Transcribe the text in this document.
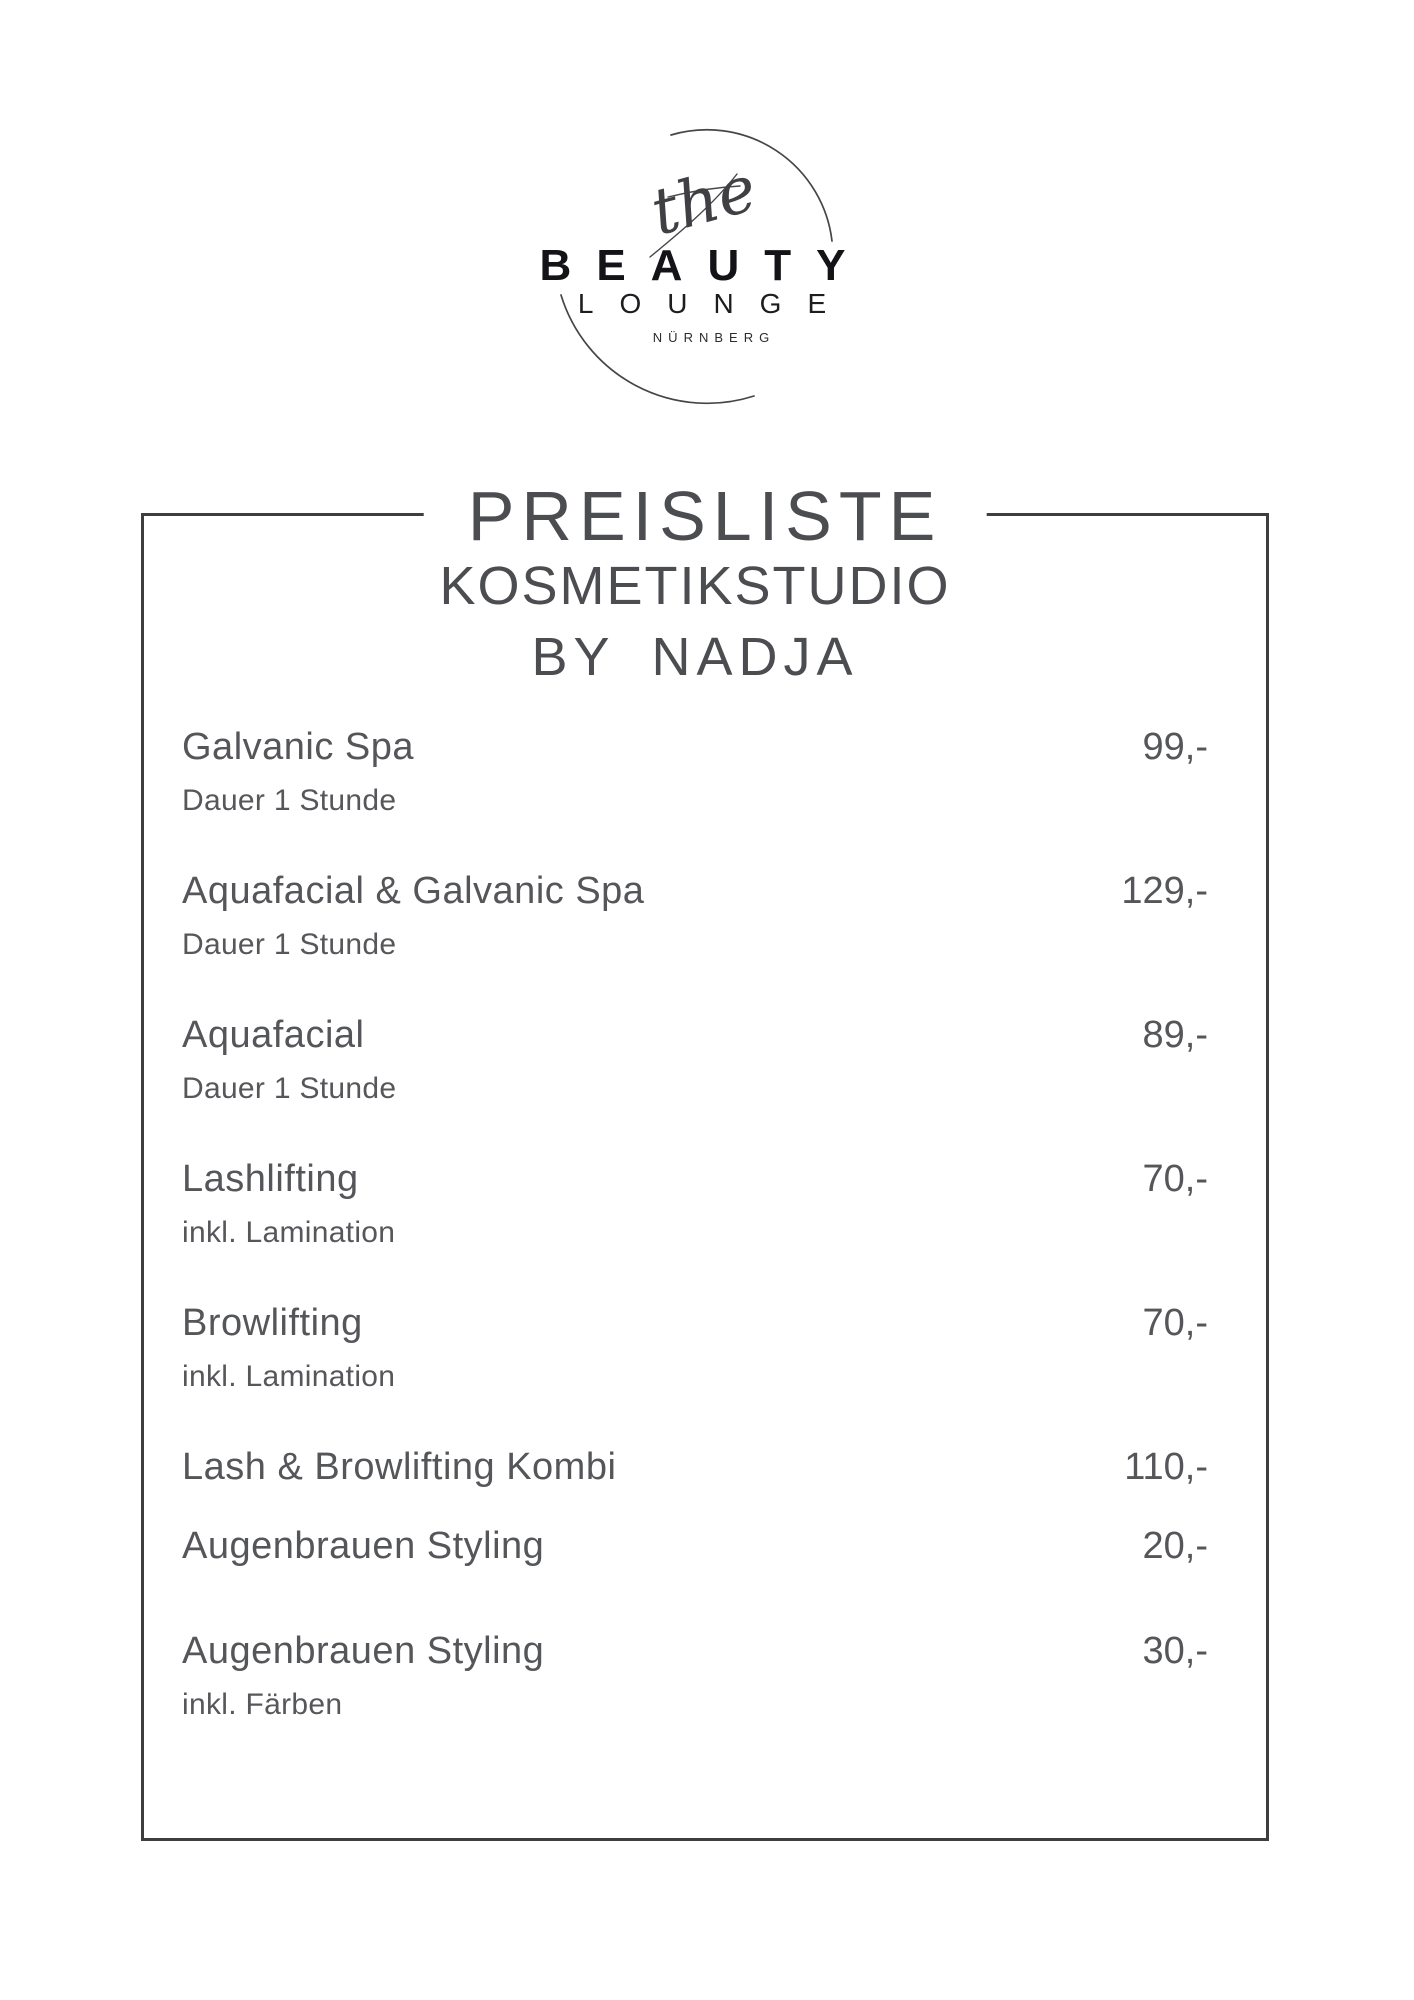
the
BEAUTY
LOUNGE
NÜRNBERG
PREISLISTE
KOSMETIKSTUDIO
BY NADJA
Galvanic Spa
Dauer 1 Stunde
99,-
Aquafacial & Galvanic Spa
Dauer 1 Stunde
129,-
Aquafacial
Dauer 1 Stunde
89,-
Lashlifting
inkl. Lamination
70,-
Browlifting
inkl. Lamination
70,-
Lash & Browlifting Kombi	110,-
Augenbrauen Styling	20,-
Augenbrauen Styling
inkl. Färben
30,-
